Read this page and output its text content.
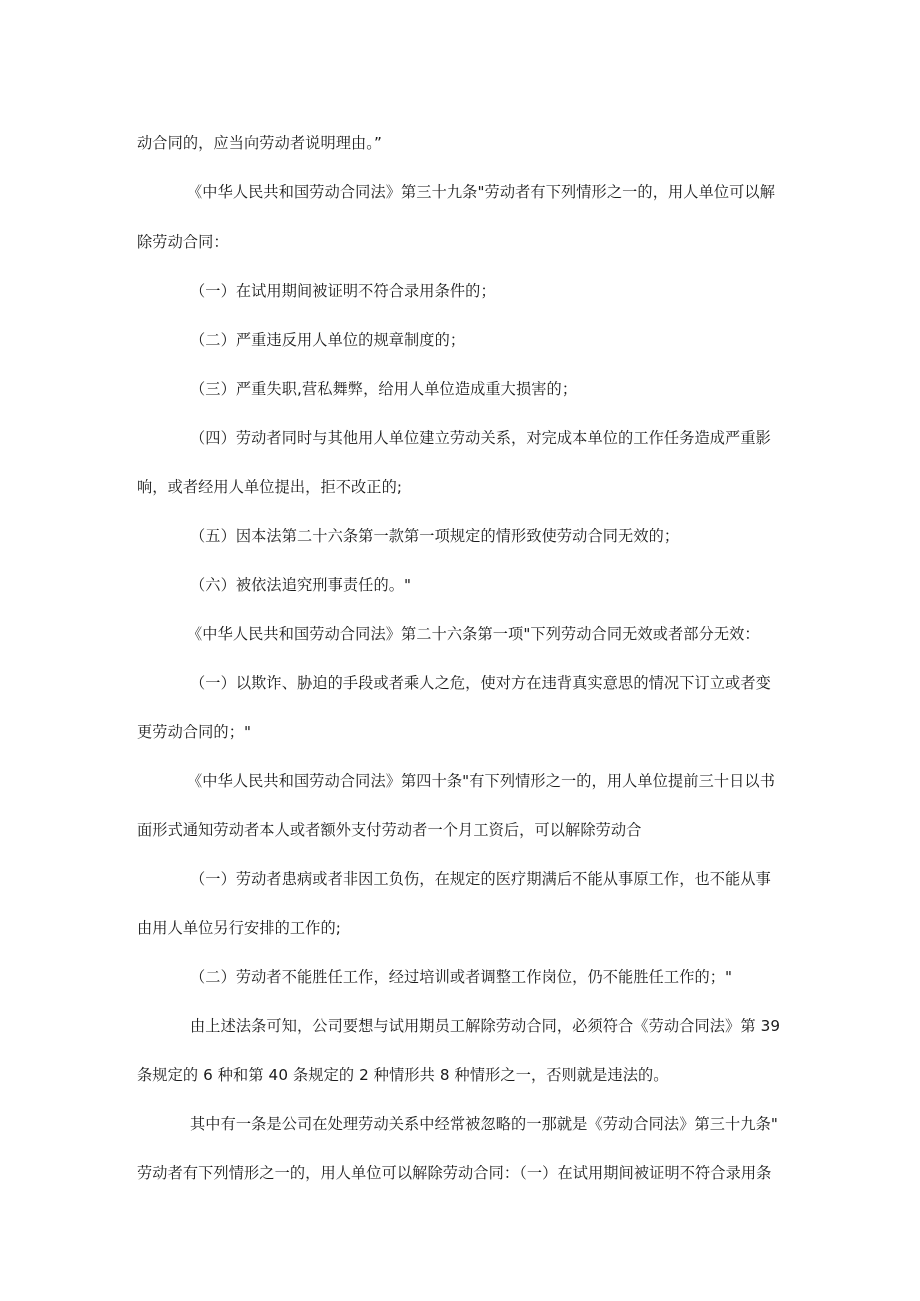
动合同的，应当向劳动者说明理由。”
《中华人民共和国劳动合同法》第三十九条"劳动者有下列情形之一的，用人单位可以解
除劳动合同：
（一）在试用期间被证明不符合录用条件的；
（二）严重违反用人单位的规章制度的；
（三）严重失职,营私舞弊，给用人单位造成重大损害的；
（四）劳动者同时与其他用人单位建立劳动关系，对完成本单位的工作任务造成严重影
响，或者经用人单位提出，拒不改正的;
（五）因本法第二十六条第一款第一项规定的情形致使劳动合同无效的；
（六）被依法追究刑事责任的。"
《中华人民共和国劳动合同法》第二十六条第一项"下列劳动合同无效或者部分无效：
（一）以欺诈、胁迫的手段或者乘人之危，使对方在违背真实意思的情况下订立或者变
更劳动合同的；"
《中华人民共和国劳动合同法》第四十条"有下列情形之一的，用人单位提前三十日以书
面形式通知劳动者本人或者额外支付劳动者一个月工资后，可以解除劳动合
（一）劳动者患病或者非因工负伤，在规定的医疗期满后不能从事原工作，也不能从事
由用人单位另行安排的工作的;
（二）劳动者不能胜任工作，经过培训或者调整工作岗位，仍不能胜任工作的；"
由上述法条可知，公司要想与试用期员工解除劳动合同，必须符合《劳动合同法》第 39
条规定的 6 种和第 40 条规定的 2 种情形共 8 种情形之一，否则就是违法的。
其中有一条是公司在处理劳动关系中经常被忽略的一那就是《劳动合同法》第三十九条"
劳动者有下列情形之一的，用人单位可以解除劳动合同：（一）在试用期间被证明不符合录用条
